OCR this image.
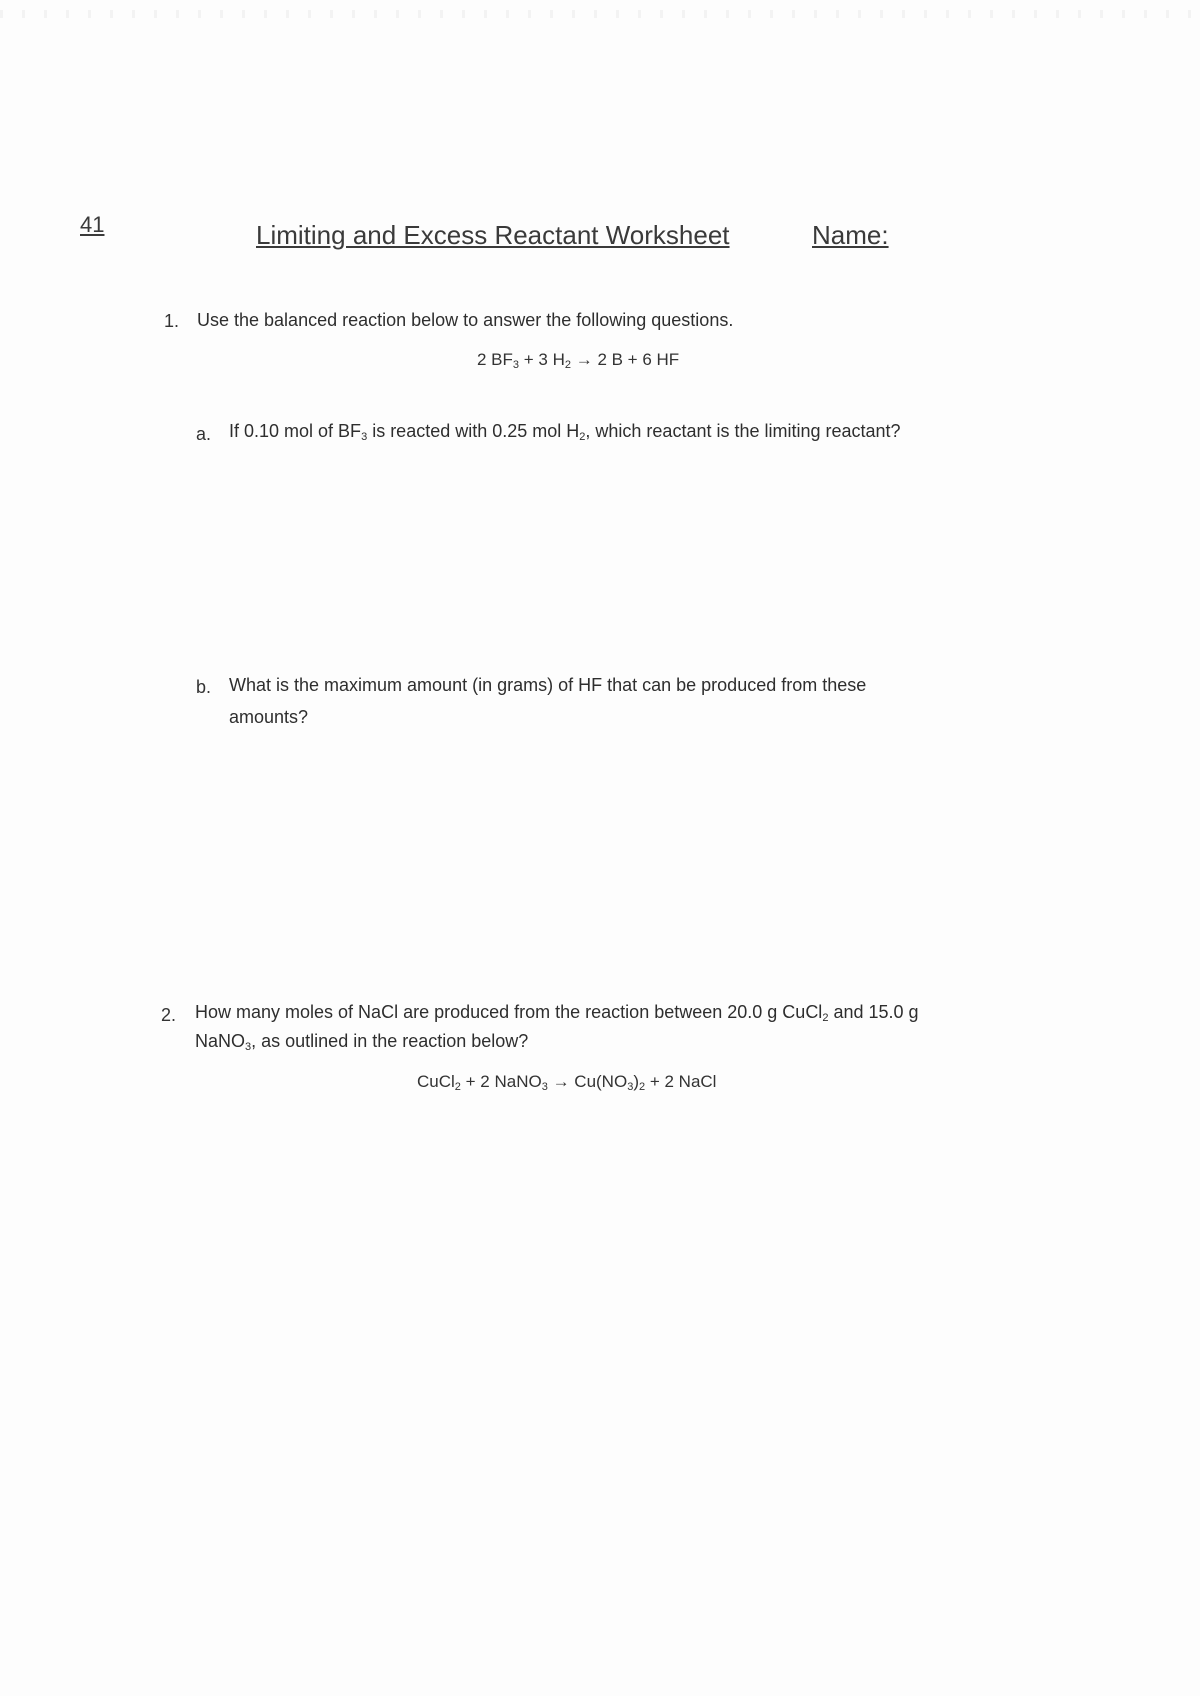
41	Limiting and Excess Reactant Worksheet	Name:
1. Use the balanced reaction below to answer the following questions.
2 $BF_3 + 3$ $H_2 \to 2$ B + 6 HF
a. If 0.10 mol of $BF_3$ is reacted with 0.25 mol $H_2$, which reactant is the limiting reactant?
b. What is the maximum amount (in grams) of HF that can be produced from these
amounts?
2. How many moles of NaCl are produced from the reaction between 20.0 g CuCl$_2$ and 15.0 g
NaNO$_3$, as outlined in the reaction below?
CuCl$_2$ + 2 NaNO$_3$ → $Cu(NO_3)_2 + 2$ NaCl
